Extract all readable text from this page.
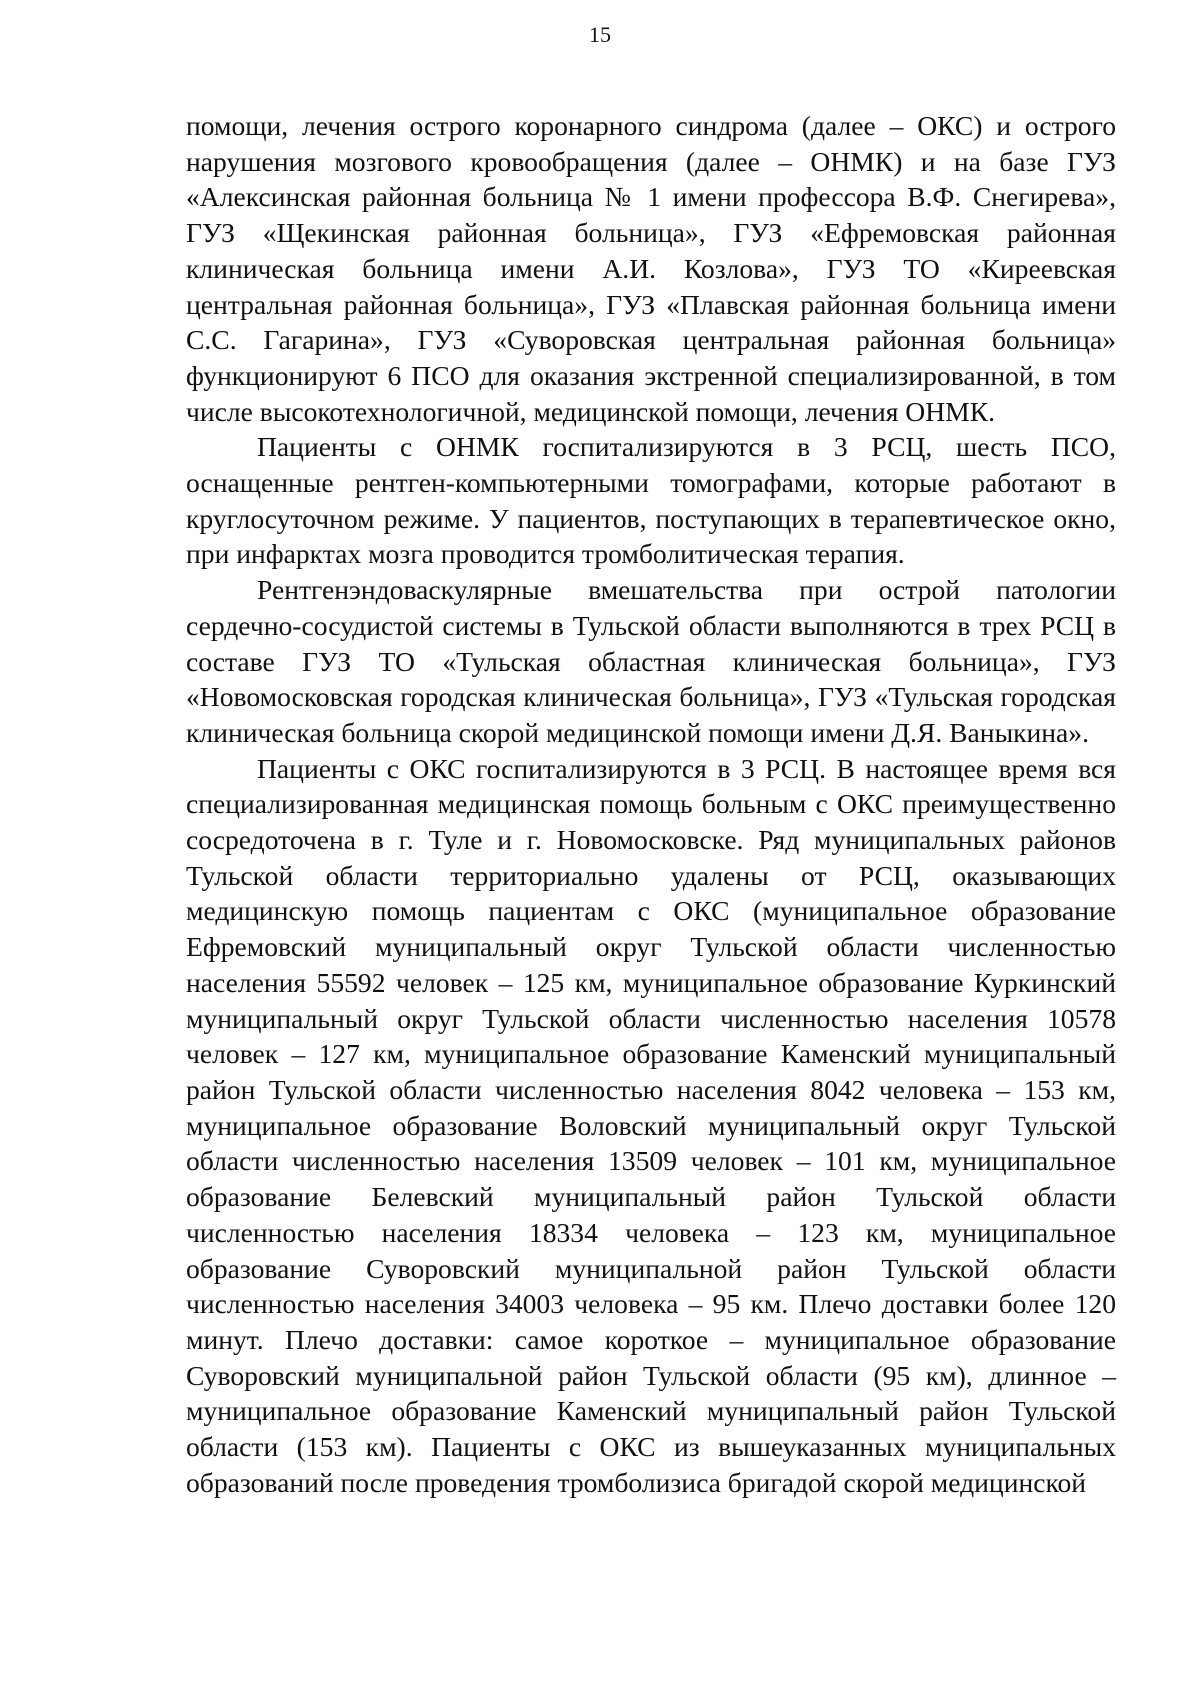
15

помощи, лечения острого коронарного синдрома (далее – ОКС) и острого нарушения мозгового кровообращения (далее – ОНМК) и на базе ГУЗ «Алексинская районная больница № 1 имени профессора В.Ф. Снегирева», ГУЗ «Щекинская районная больница», ГУЗ «Ефремовская районная клиническая больница имени А.И. Козлова», ГУЗ ТО «Киреевская центральная районная больница», ГУЗ «Плавская районная больница имени С.С. Гагарина», ГУЗ «Суворовская центральная районная больница» функционируют 6 ПСО для оказания экстренной специализированной, в том числе высокотехнологичной, медицинской помощи, лечения ОНМК.

Пациенты с ОНМК госпитализируются в 3 РСЦ, шесть ПСО, оснащенные рентген-компьютерными томографами, которые работают в круглосуточном режиме. У пациентов, поступающих в терапевтическое окно, при инфарктах мозга проводится тромболитическая терапия.

Рентгенэндоваскулярные вмешательства при острой патологии сердечно-сосудистой системы в Тульской области выполняются в трех РСЦ в составе ГУЗ ТО «Тульская областная клиническая больница», ГУЗ «Новомосковская городская клиническая больница», ГУЗ «Тульская городская клиническая больница скорой медицинской помощи имени Д.Я. Ваныкина».

Пациенты с ОКС госпитализируются в 3 РСЦ. В настоящее время вся специализированная медицинская помощь больным с ОКС преимущественно сосредоточена в г. Туле и г. Новомосковске. Ряд муниципальных районов Тульской области территориально удалены от РСЦ, оказывающих медицинскую помощь пациентам с ОКС (муниципальное образование Ефремовский муниципальный округ Тульской области численностью населения 55592 человек – 125 км, муниципальное образование Куркинский муниципальный округ Тульской области численностью населения 10578 человек – 127 км, муниципальное образование Каменский муниципальный район Тульской области численностью населения 8042 человека – 153 км, муниципальное образование Воловский муниципальный округ Тульской области численностью населения 13509 человек – 101 км, муниципальное образование Белевский муниципальный район Тульской области численностью населения 18334 человека – 123 км, муниципальное образование Суворовский муниципальной район Тульской области численностью населения 34003 человека – 95 км. Плечо доставки более 120 минут. Плечо доставки: самое короткое – муниципальное образование Суворовский муниципальной район Тульской области (95 км), длинное – муниципальное образование Каменский муниципальный район Тульской области (153 км). Пациенты с ОКС из вышеуказанных муниципальных образований после проведения тромболизиса бригадой скорой медицинской
